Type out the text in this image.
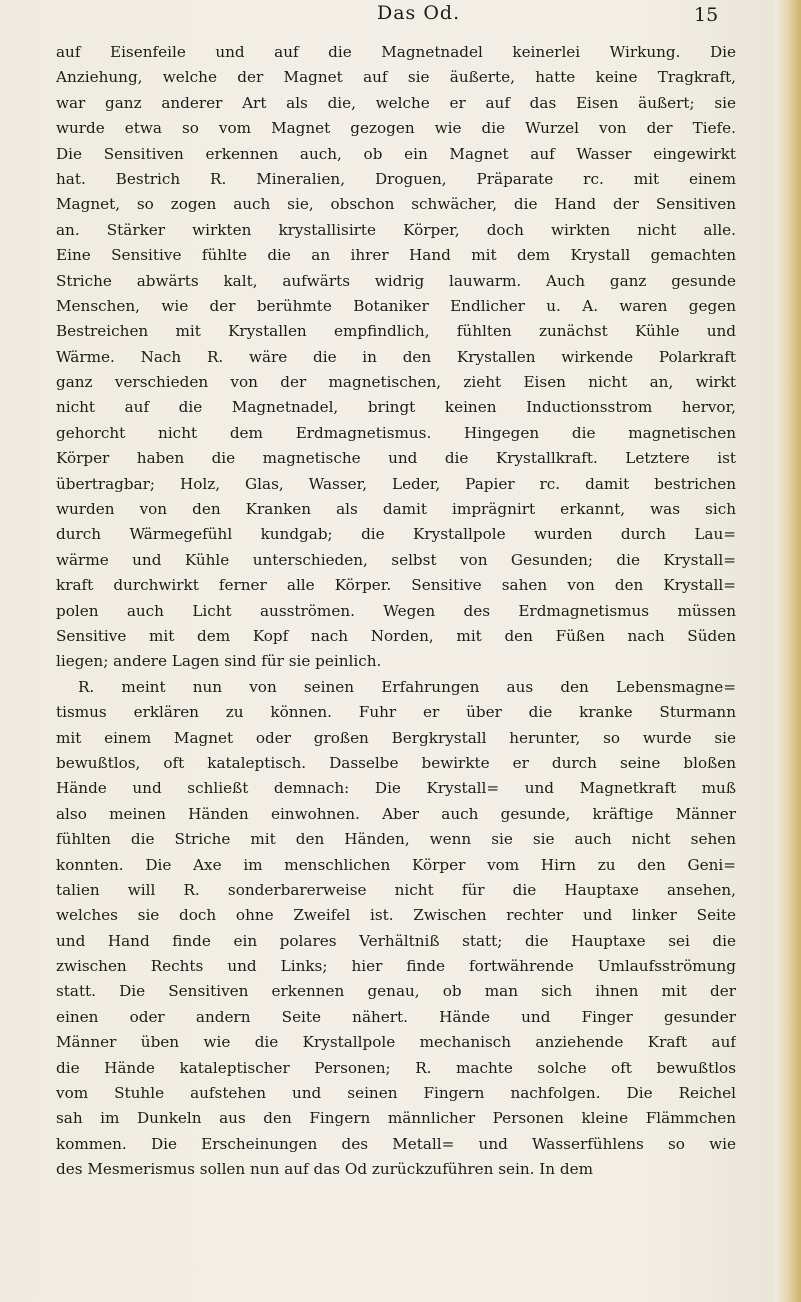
Das Od.	15
auf Eisenfeile und auf die Magnetnadel keinerlei Wirkung. Die
Anziehung, welche der Magnet auf sie äußerte, hatte keine Tragkraft,
war ganz anderer Art als die, welche er auf das Eisen äußert; sie
wurde etwa so vom Magnet gezogen wie die Wurzel von der Tiefe.
Die Sensitiven erkennen auch, ob ein Magnet auf Wasser eingewirkt
hat. Bestrich R. Mineralien, Droguen, Präparate rc. mit einem
Magnet, so zogen auch sie, obschon schwächer, die Hand der Sensitiven
an. Stärker wirkten krystallisirte Körper, doch wirkten nicht alle.
Eine Sensitive fühlte die an ihrer Hand mit dem Krystall gemachten
Striche abwärts kalt, aufwärts widrig lauwarm. Auch ganz gesunde
Menschen, wie der berühmte Botaniker Endlicher u. A. waren gegen
Bestreichen mit Krystallen empfindlich, fühlten zunächst Kühle und
Wärme. Nach R. wäre die in den Krystallen wirkende Polarkraft
ganz verschieden von der magnetischen, zieht Eisen nicht an, wirkt
nicht auf die Magnetnadel, bringt keinen Inductionsstrom hervor,
gehorcht nicht dem Erdmagnetismus. Hingegen die magnetischen
Körper haben die magnetische und die Krystallkraft. Letztere ist
übertragbar; Holz, Glas, Wasser, Leder, Papier rc. damit bestrichen
wurden von den Kranken als damit imprägnirt erkannt, was sich
durch Wärmegefühl kundgab; die Krystallpole wurden durch Lau=
wärme und Kühle unterschieden, selbst von Gesunden; die Krystall=
kraft durchwirkt ferner alle Körper. Sensitive sahen von den Krystall=
polen auch Licht ausströmen. Wegen des Erdmagnetismus müssen
Sensitive mit dem Kopf nach Norden, mit den Füßen nach Süden
liegen; andere Lagen sind für sie peinlich.
R. meint nun von seinen Erfahrungen aus den Lebensmagne=
tismus erklären zu können. Fuhr er über die kranke Sturmann
mit einem Magnet oder großen Bergkrystall herunter, so wurde sie
bewußtlos, oft kataleptisch. Dasselbe bewirkte er durch seine bloßen
Hände und schließt demnach: Die Krystall= und Magnetkraft muß
also meinen Händen einwohnen. Aber auch gesunde, kräftige Männer
fühlten die Striche mit den Händen, wenn sie sie auch nicht sehen
konnten. Die Axe im menschlichen Körper vom Hirn zu den Geni=
talien will R. sonderbarerweise nicht für die Hauptaxe ansehen,
welches sie doch ohne Zweifel ist. Zwischen rechter und linker Seite
und Hand finde ein polares Verhältniß statt; die Hauptaxe sei die
zwischen Rechts und Links; hier finde fortwährende Umlaufsströmung
statt. Die Sensitiven erkennen genau, ob man sich ihnen mit der
einen oder andern Seite nähert. Hände und Finger gesunder
Männer üben wie die Krystallpole mechanisch anziehende Kraft auf
die Hände kataleptischer Personen; R. machte solche oft bewußtlos
vom Stuhle aufstehen und seinen Fingern nachfolgen. Die Reichel
sah im Dunkeln aus den Fingern männlicher Personen kleine Flämmchen
kommen. Die Erscheinungen des Metall= und Wasserfühlens so wie
des Mesmerismus sollen nun auf das Od zurückzuführen sein. In dem
